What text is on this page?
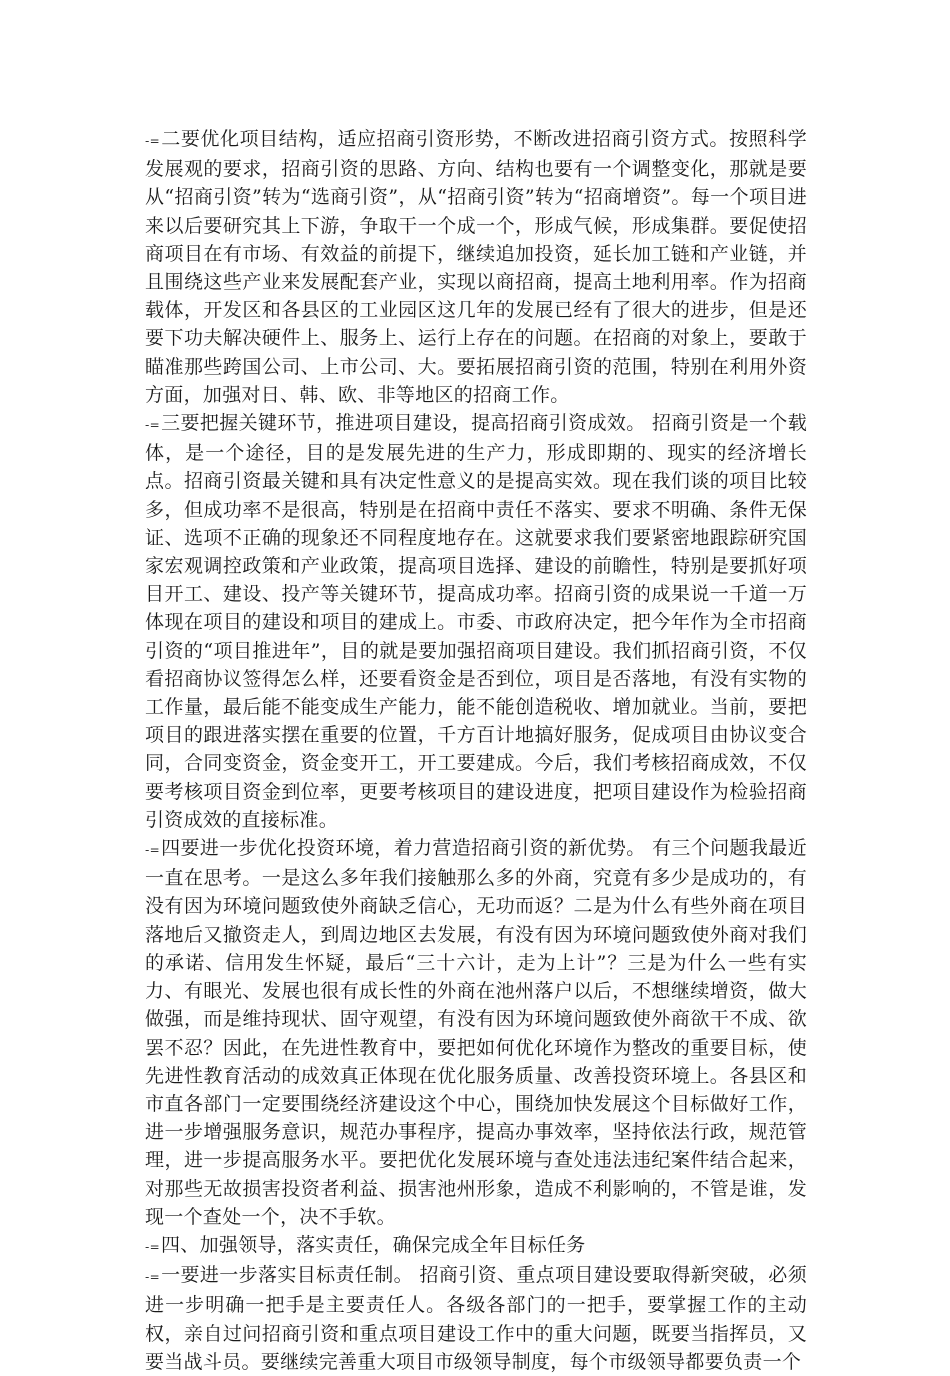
-=二要优化项目结构，适应招商引资形势，不断改进招商引资方式。按照科学发展观的要求，招商引资的思路、方向、结构也要有一个调整变化，那就是要从“招商引资”转为“选商引资”，从“招商引资”转为“招商增资”。每一个项目进来以后要研究其上下游，争取干一个成一个，形成气候，形成集群。要促使招商项目在有市场、有效益的前提下，继续追加投资，延长加工链和产业链，并且围绕这些产业来发展配套产业，实现以商招商，提高土地利用率。作为招商载体，开发区和各县区的工业园区这几年的发展已经有了很大的进步，但是还要下功夫解决硬件上、服务上、运行上存在的问题。在招商的对象上，要敢于瞄准那些跨国公司、上市公司、大。要拓展招商引资的范围，特别在利用外资方面，加强对日、韩、欧、非等地区的招商工作。

-=三要把握关键环节，推进项目建设，提高招商引资成效。 招商引资是一个载体，是一个途径，目的是发展先进的生产力，形成即期的、现实的经济增长点。招商引资最关键和具有决定性意义的是提高实效。现在我们谈的项目比较多，但成功率不是很高，特别是在招商中责任不落实、要求不明确、条件无保证、选项不正确的现象还不同程度地存在。这就要求我们要紧密地跟踪研究国家宏观调控政策和产业政策，提高项目选择、建设的前瞻性，特别是要抓好项目开工、建设、投产等关键环节，提高成功率。招商引资的成果说一千道一万体现在项目的建设和项目的建成上。市委、市政府决定，把今年作为全市招商引资的“项目推进年”，目的就是要加强招商项目建设。我们抓招商引资，不仅看招商协议签得怎么样，还要看资金是否到位，项目是否落地，有没有实物的工作量，最后能不能变成生产能力，能不能创造税收、增加就业。当前，要把项目的跟进落实摆在重要的位置，千方百计地搞好服务，促成项目由协议变合同，合同变资金，资金变开工，开工要建成。今后，我们考核招商成效，不仅要考核项目资金到位率，更要考核项目的建设进度，把项目建设作为检验招商引资成效的直接标准。

-=四要进一步优化投资环境，着力营造招商引资的新优势。 有三个问题我最近一直在思考。一是这么多年我们接触那么多的外商，究竟有多少是成功的，有没有因为环境问题致使外商缺乏信心，无功而返？二是为什么有些外商在项目落地后又撤资走人，到周边地区去发展，有没有因为环境问题致使外商对我们的承诺、信用发生怀疑，最后“三十六计，走为上计”？三是为什么一些有实力、有眼光、发展也很有成长性的外商在池州落户以后，不想继续增资，做大做强，而是维持现状、固守观望，有没有因为环境问题致使外商欲干不成、欲罢不忍？因此，在先进性教育中，要把如何优化环境作为整改的重要目标，使先进性教育活动的成效真正体现在优化服务质量、改善投资环境上。各县区和市直各部门一定要围绕经济建设这个中心，围绕加快发展这个目标做好工作，进一步增强服务意识，规范办事程序，提高办事效率，坚持依法行政，规范管理，进一步提高服务水平。要把优化发展环境与查处违法违纪案件结合起来，对那些无故损害投资者利益、损害池州形象，造成不利影响的，不管是谁，发现一个查处一个，决不手软。

-=四、加强领导，落实责任，确保完成全年目标任务

-=一要进一步落实目标责任制。 招商引资、重点项目建设要取得新突破，必须进一步明确一把手是主要责任人。各级各部门的一把手，要掌握工作的主动权，亲自过问招商引资和重点项目建设工作中的重大问题，既要当指挥员，又要当战斗员。要继续完善重大项目市级领导制度，每个市级领导都要负责一个
